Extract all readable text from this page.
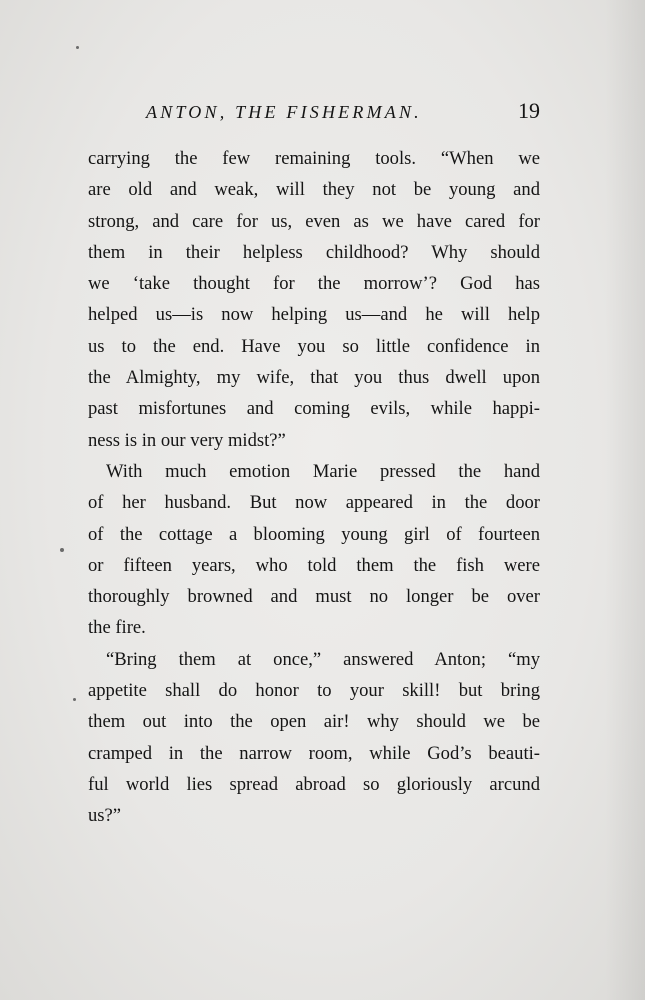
ANTON, THE FISHERMAN.	19
carrying the few remaining tools. “When we
are old and weak, will they not be young and
strong, and care for us, even as we have cared for
them in their helpless childhood? Why should
we ‘take thought for the morrow’? God has
helped us—is now helping us—and he will help
us to the end. Have you so little confidence in
the Almighty, my wife, that you thus dwell upon
past misfortunes and coming evils, while happi-
ness is in our very midst?”
With much emotion Marie pressed the hand
of her husband. But now appeared in the door
of the cottage a blooming young girl of fourteen
or fifteen years, who told them the fish were
thoroughly browned and must no longer be over
the fire.
“Bring them at once,” answered Anton; “my
appetite shall do honor to your skill! but bring
them out into the open air! why should we be
cramped in the narrow room, while God’s beauti-
ful world lies spread abroad so gloriously arcund
us?”
